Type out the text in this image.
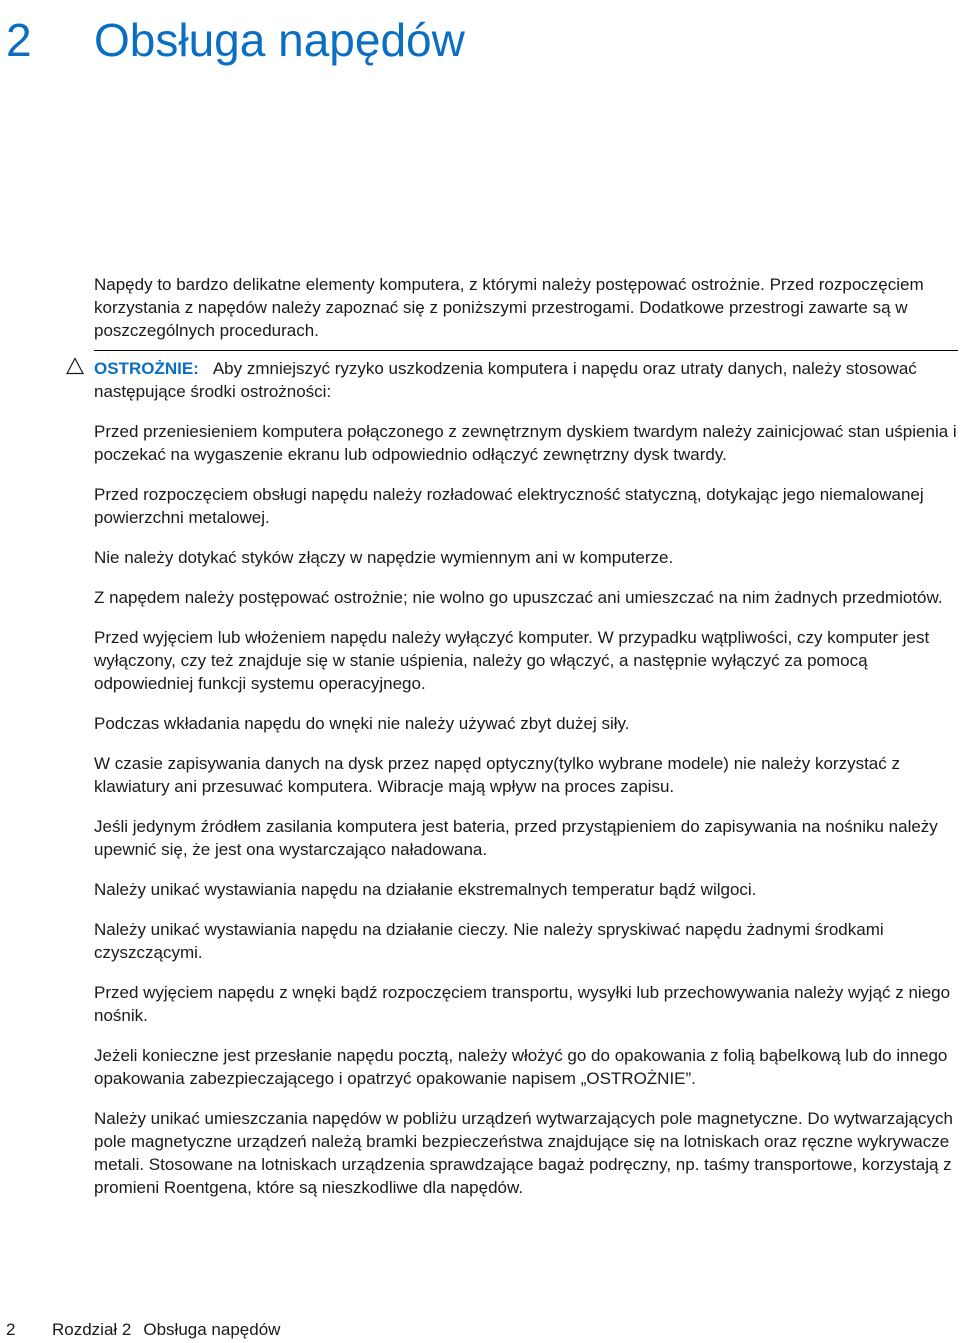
2 Obsługa napędów

Napędy to bardzo delikatne elementy komputera, z którymi należy postępować ostrożnie. Przed rozpoczęciem korzystania z napędów należy zapoznać się z poniższymi przestrogami. Dodatkowe przestrogi zawarte są w poszczególnych procedurach.

OSTROŻNIE: Aby zmniejszyć ryzyko uszkodzenia komputera i napędu oraz utraty danych, należy stosować następujące środki ostrożności:

Przed przeniesieniem komputera połączonego z zewnętrznym dyskiem twardym należy zainicjować stan uśpienia i poczekać na wygaszenie ekranu lub odpowiednio odłączyć zewnętrzny dysk twardy.

Przed rozpoczęciem obsługi napędu należy rozładować elektryczność statyczną, dotykając jego niemalowanej powierzchni metalowej.

Nie należy dotykać styków złączy w napędzie wymiennym ani w komputerze.

Z napędem należy postępować ostrożnie; nie wolno go upuszczać ani umieszczać na nim żadnych przedmiotów.

Przed wyjęciem lub włożeniem napędu należy wyłączyć komputer. W przypadku wątpliwości, czy komputer jest wyłączony, czy też znajduje się w stanie uśpienia, należy go włączyć, a następnie wyłączyć za pomocą odpowiedniej funkcji systemu operacyjnego.

Podczas wkładania napędu do wnęki nie należy używać zbyt dużej siły.

W czasie zapisywania danych na dysk przez napęd optyczny(tylko wybrane modele) nie należy korzystać z klawiatury ani przesuwać komputera. Wibracje mają wpływ na proces zapisu.

Jeśli jedynym źródłem zasilania komputera jest bateria, przed przystąpieniem do zapisywania na nośniku należy upewnić się, że jest ona wystarczająco naładowana.

Należy unikać wystawiania napędu na działanie ekstremalnych temperatur bądź wilgoci.

Należy unikać wystawiania napędu na działanie cieczy. Nie należy spryskiwać napędu żadnymi środkami czyszczącymi.

Przed wyjęciem napędu z wnęki bądź rozpoczęciem transportu, wysyłki lub przechowywania należy wyjąć z niego nośnik.

Jeżeli konieczne jest przesłanie napędu pocztą, należy włożyć go do opakowania z folią bąbelkową lub do innego opakowania zabezpieczającego i opatrzyć opakowanie napisem „OSTROŻNIE”.

Należy unikać umieszczania napędów w pobliżu urządzeń wytwarzających pole magnetyczne. Do wytwarzających pole magnetyczne urządzeń należą bramki bezpieczeństwa znajdujące się na lotniskach oraz ręczne wykrywacze metali. Stosowane na lotniskach urządzenia sprawdzające bagaż podręczny, np. taśmy transportowe, korzystają z promieni Roentgena, które są nieszkodliwe dla napędów.

2 Rozdział 2 Obsługa napędów
